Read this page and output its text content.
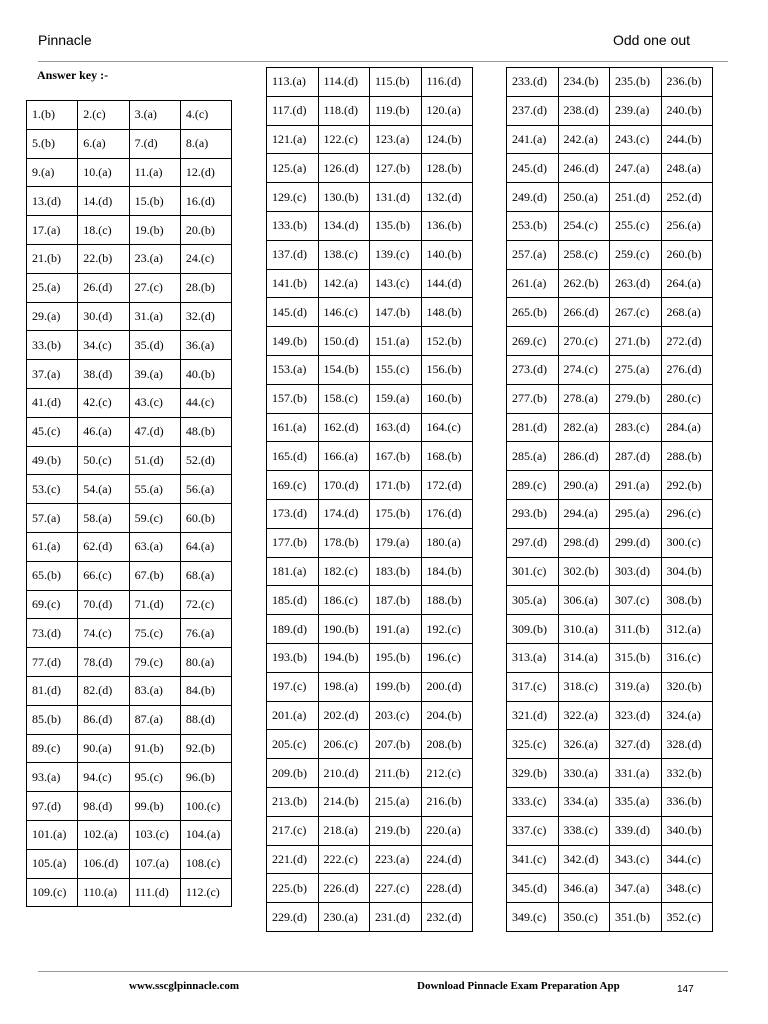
Pinnacle	Odd one out
Answer key :-
1.(b)	2.(c)	3.(a)	4.(c)
5.(b)	6.(a)	7.(d)	8.(a)
9.(a)	10.(a)	11.(a)	12.(d)
13.(d)	14.(d)	15.(b)	16.(d)
17.(a)	18.(c)	19.(b)	20.(b)
21.(b)	22.(b)	23.(a)	24.(c)
25.(a)	26.(d)	27.(c)	28.(b)
29.(a)	30.(d)	31.(a)	32.(d)
33.(b)	34.(c)	35.(d)	36.(a)
37.(a)	38.(d)	39.(a)	40.(b)
41.(d)	42.(c)	43.(c)	44.(c)
45.(c)	46.(a)	47.(d)	48.(b)
49.(b)	50.(c)	51.(d)	52.(d)
53.(c)	54.(a)	55.(a)	56.(a)
57.(a)	58.(a)	59.(c)	60.(b)
61.(a)	62.(d)	63.(a)	64.(a)
65.(b)	66.(c)	67.(b)	68.(a)
69.(c)	70.(d)	71.(d)	72.(c)
73.(d)	74.(c)	75.(c)	76.(a)
77.(d)	78.(d)	79.(c)	80.(a)
81.(d)	82.(d)	83.(a)	84.(b)
85.(b)	86.(d)	87.(a)	88.(d)
89.(c)	90.(a)	91.(b)	92.(b)
93.(a)	94.(c)	95.(c)	96.(b)
97.(d)	98.(d)	99.(b)	100.(c)
101.(a)	102.(a)	103.(c)	104.(a)
105.(a)	106.(d)	107.(a)	108.(c)
109.(c)	110.(a)	111.(d)	112.(c)
113.(a)	114.(d)	115.(b)	116.(d)
117.(d)	118.(d)	119.(b)	120.(a)
121.(a)	122.(c)	123.(a)	124.(b)
125.(a)	126.(d)	127.(b)	128.(b)
129.(c)	130.(b)	131.(d)	132.(d)
133.(b)	134.(d)	135.(b)	136.(b)
137.(d)	138.(c)	139.(c)	140.(b)
141.(b)	142.(a)	143.(c)	144.(d)
145.(d)	146.(c)	147.(b)	148.(b)
149.(b)	150.(d)	151.(a)	152.(b)
153.(a)	154.(b)	155.(c)	156.(b)
157.(b)	158.(c)	159.(a)	160.(b)
161.(a)	162.(d)	163.(d)	164.(c)
165.(d)	166.(a)	167.(b)	168.(b)
169.(c)	170.(d)	171.(b)	172.(d)
173.(d)	174.(d)	175.(b)	176.(d)
177.(b)	178.(b)	179.(a)	180.(a)
181.(a)	182.(c)	183.(b)	184.(b)
185.(d)	186.(c)	187.(b)	188.(b)
189.(d)	190.(b)	191.(a)	192.(c)
193.(b)	194.(b)	195.(b)	196.(c)
197.(c)	198.(a)	199.(b)	200.(d)
201.(a)	202.(d)	203.(c)	204.(b)
205.(c)	206.(c)	207.(b)	208.(b)
209.(b)	210.(d)	211.(b)	212.(c)
213.(b)	214.(b)	215.(a)	216.(b)
217.(c)	218.(a)	219.(b)	220.(a)
221.(d)	222.(c)	223.(a)	224.(d)
225.(b)	226.(d)	227.(c)	228.(d)
229.(d)	230.(a)	231.(d)	232.(d)
233.(d)	234.(b)	235.(b)	236.(b)
237.(d)	238.(d)	239.(a)	240.(b)
241.(a)	242.(a)	243.(c)	244.(b)
245.(d)	246.(d)	247.(a)	248.(a)
249.(d)	250.(a)	251.(d)	252.(d)
253.(b)	254.(c)	255.(c)	256.(a)
257.(a)	258.(c)	259.(c)	260.(b)
261.(a)	262.(b)	263.(d)	264.(a)
265.(b)	266.(d)	267.(c)	268.(a)
269.(c)	270.(c)	271.(b)	272.(d)
273.(d)	274.(c)	275.(a)	276.(d)
277.(b)	278.(a)	279.(b)	280.(c)
281.(d)	282.(a)	283.(c)	284.(a)
285.(a)	286.(d)	287.(d)	288.(b)
289.(c)	290.(a)	291.(a)	292.(b)
293.(b)	294.(a)	295.(a)	296.(c)
297.(d)	298.(d)	299.(d)	300.(c)
301.(c)	302.(b)	303.(d)	304.(b)
305.(a)	306.(a)	307.(c)	308.(b)
309.(b)	310.(a)	311.(b)	312.(a)
313.(a)	314.(a)	315.(b)	316.(c)
317.(c)	318.(c)	319.(a)	320.(b)
321.(d)	322.(a)	323.(d)	324.(a)
325.(c)	326.(a)	327.(d)	328.(d)
329.(b)	330.(a)	331.(a)	332.(b)
333.(c)	334.(a)	335.(a)	336.(b)
337.(c)	338.(c)	339.(d)	340.(b)
341.(c)	342.(d)	343.(c)	344.(c)
345.(d)	346.(a)	347.(a)	348.(c)
349.(c)	350.(c)	351.(b)	352.(c)
www.sscglpinnacle.com	Download Pinnacle Exam Preparation App	147
